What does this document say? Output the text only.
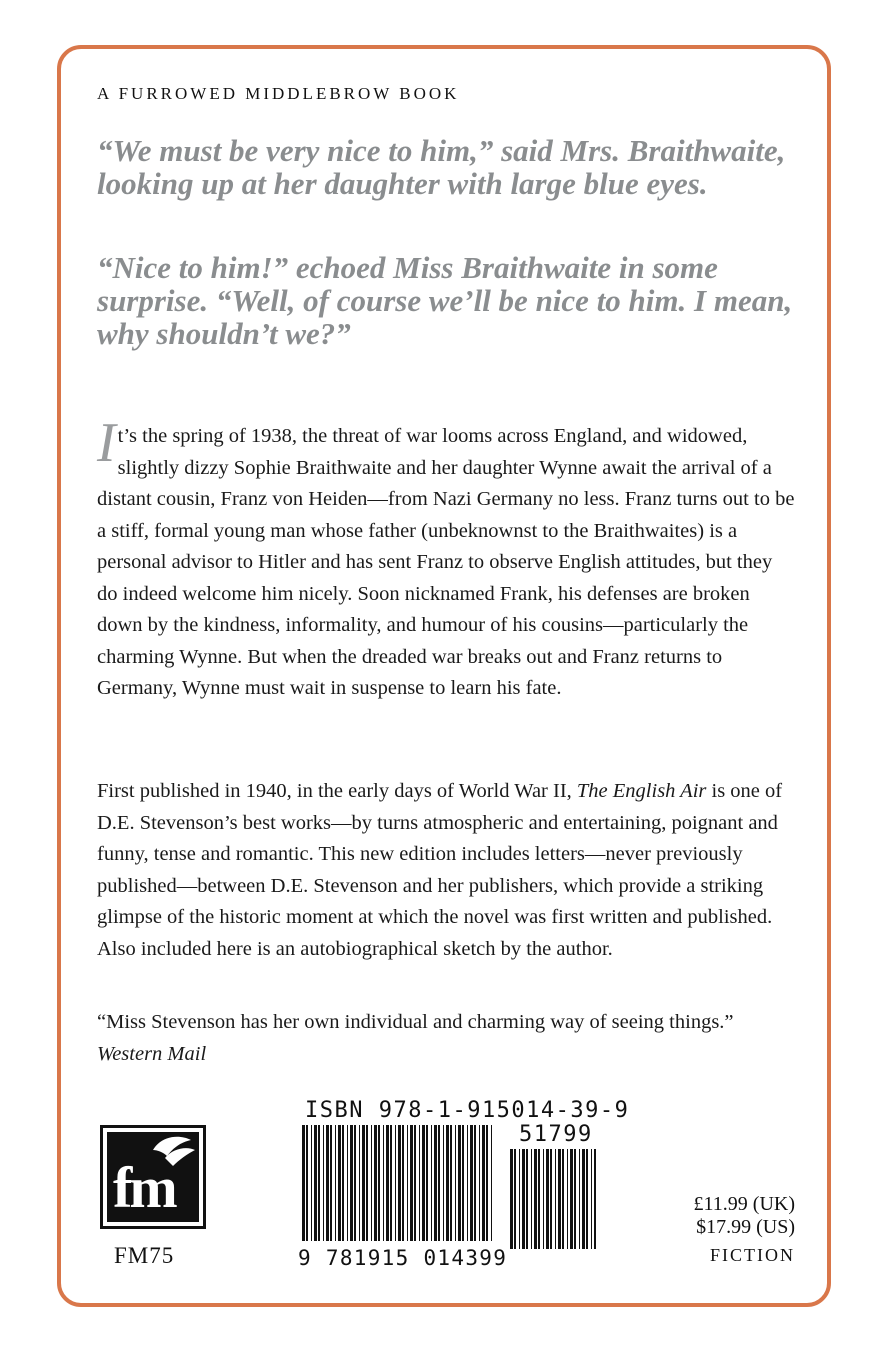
A FURROWED MIDDLEBROW BOOK
“We must be very nice to him,” said Mrs. Braithwaite, looking up at her daughter with large blue eyes.
“Nice to him!” echoed Miss Braithwaite in some surprise. “Well, of course we’ll be nice to him. I mean, why shouldn’t we?”
It’s the spring of 1938, the threat of war looms across England, and widowed, slightly dizzy Sophie Braithwaite and her daughter Wynne await the arrival of a distant cousin, Franz von Heiden—from Nazi Germany no less. Franz turns out to be a stiff, formal young man whose father (unbeknownst to the Braithwaites) is a personal advisor to Hitler and has sent Franz to observe English attitudes, but they do indeed welcome him nicely. Soon nicknamed Frank, his defenses are broken down by the kindness, informality, and humour of his cousins—particularly the charming Wynne. But when the dreaded war breaks out and Franz returns to Germany, Wynne must wait in suspense to learn his fate.
First published in 1940, in the early days of World War II, The English Air is one of D.E. Stevenson’s best works—by turns atmospheric and entertaining, poignant and funny, tense and romantic. This new edition includes letters—never previously published—between D.E. Stevenson and her publishers, which provide a striking glimpse of the historic moment at which the novel was first written and published. Also included here is an autobiographical sketch by the author.
“Miss Stevenson has her own individual and charming way of seeing things.” Western Mail
fm
FM75
ISBN 978-1-915014-39-9
51799
9 781915 014399
£11.99 (UK)
$17.99 (US)
FICTION
